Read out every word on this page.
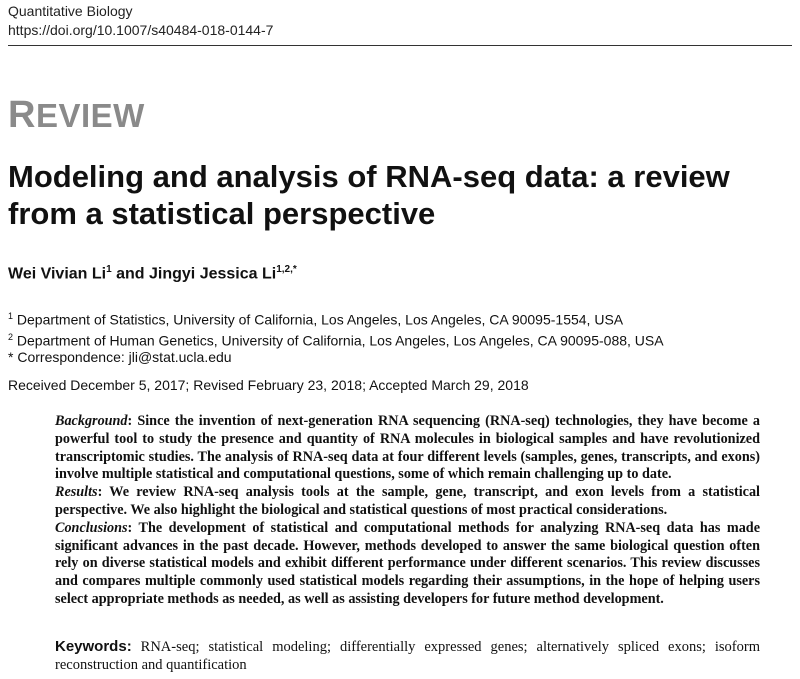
Quantitative Biology
https://doi.org/10.1007/s40484-018-0144-7
REVIEW
Modeling and analysis of RNA-seq data: a review from a statistical perspective
Wei Vivian Li$^1$ and Jingyi Jessica $Li^{1,2,*}$
$^1$ Department of Statistics, University of California, Los Angeles, Los Angeles, CA 90095-1554, USA
$^2$ Department of Human Genetics, University of California, Los Angeles, Los Angeles, CA 90095-088, USA
* Correspondence: jli@stat.ucla.edu
Received December 5, 2017; Revised February 23, 2018; Accepted March 29, 2018

Background: Since the invention of next-generation RNA sequencing (RNA-seq) technologies, they have become a powerful tool to study the presence and quantity of RNA molecules in biological samples and have revolutionized transcriptomic studies. The analysis of RNA-seq data at four different levels (samples, genes, transcripts, and exons) involve multiple statistical and computational questions, some of which remain challenging up to date.

Results: We review RNA-seq analysis tools at the sample, gene, transcript, and exon levels from a statistical perspective. We also highlight the biological and statistical questions of most practical considerations.

Conclusions: The development of statistical and computational methods for analyzing RNA-seq data has made significant advances in the past decade. However, methods developed to answer the same biological question often rely on diverse statistical models and exhibit different performance under different scenarios. This review discusses and compares multiple commonly used statistical models regarding their assumptions, in the hope of helping users select appropriate methods as needed, as well as assisting developers for future method development.

Keywords: RNA-seq; statistical modeling; differentially expressed genes; alternatively spliced exons; isoform reconstruction and quantification
